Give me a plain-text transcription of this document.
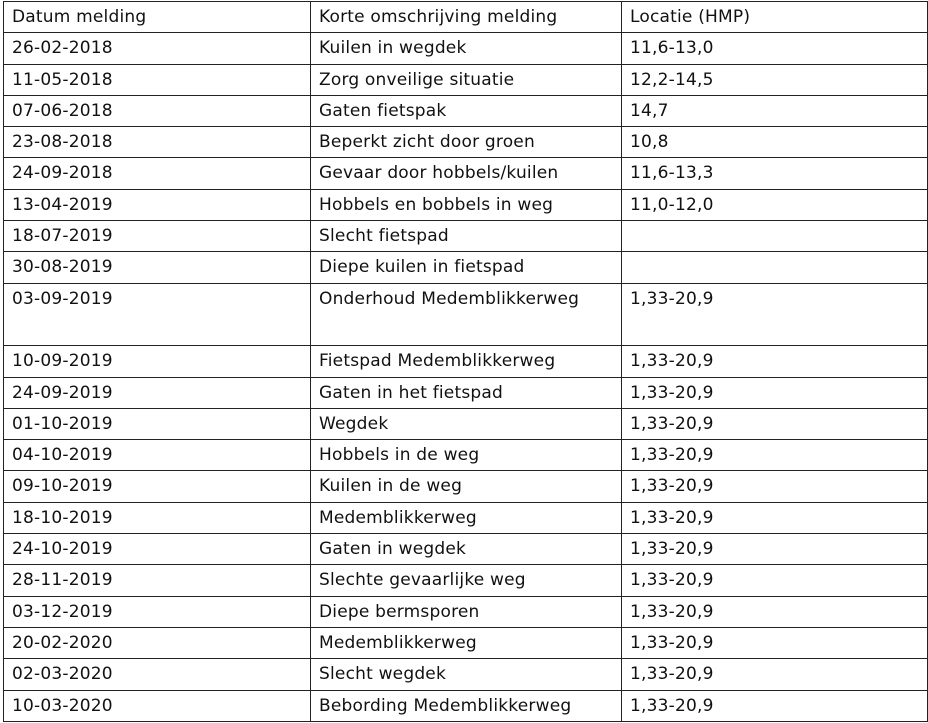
Datum melding	Korte omschrijving melding	Locatie (HMP)
26-02-2018	Kuilen in wegdek	11,6-13,0
11-05-2018	Zorg onveilige situatie	12,2-14,5
07-06-2018	Gaten fietspak	14,7
23-08-2018	Beperkt zicht door groen	10,8
24-09-2018	Gevaar door hobbels/kuilen	11,6-13,3
13-04-2019	Hobbels en bobbels in weg	11,0-12,0
18-07-2019	Slecht fietspad	
30-08-2019	Diepe kuilen in fietspad	
03-09-2019	Onderhoud Medemblikkerweg	1,33-20,9
10-09-2019	Fietspad Medemblikkerweg	1,33-20,9
24-09-2019	Gaten in het fietspad	1,33-20,9
01-10-2019	Wegdek	1,33-20,9
04-10-2019	Hobbels in de weg	1,33-20,9
09-10-2019	Kuilen in de weg	1,33-20,9
18-10-2019	Medemblikkerweg	1,33-20,9
24-10-2019	Gaten in wegdek	1,33-20,9
28-11-2019	Slechte gevaarlijke weg	1,33-20,9
03-12-2019	Diepe bermsporen	1,33-20,9
20-02-2020	Medemblikkerweg	1,33-20,9
02-03-2020	Slecht wegdek	1,33-20,9
10-03-2020	Bebording Medemblikkerweg	1,33-20,9
